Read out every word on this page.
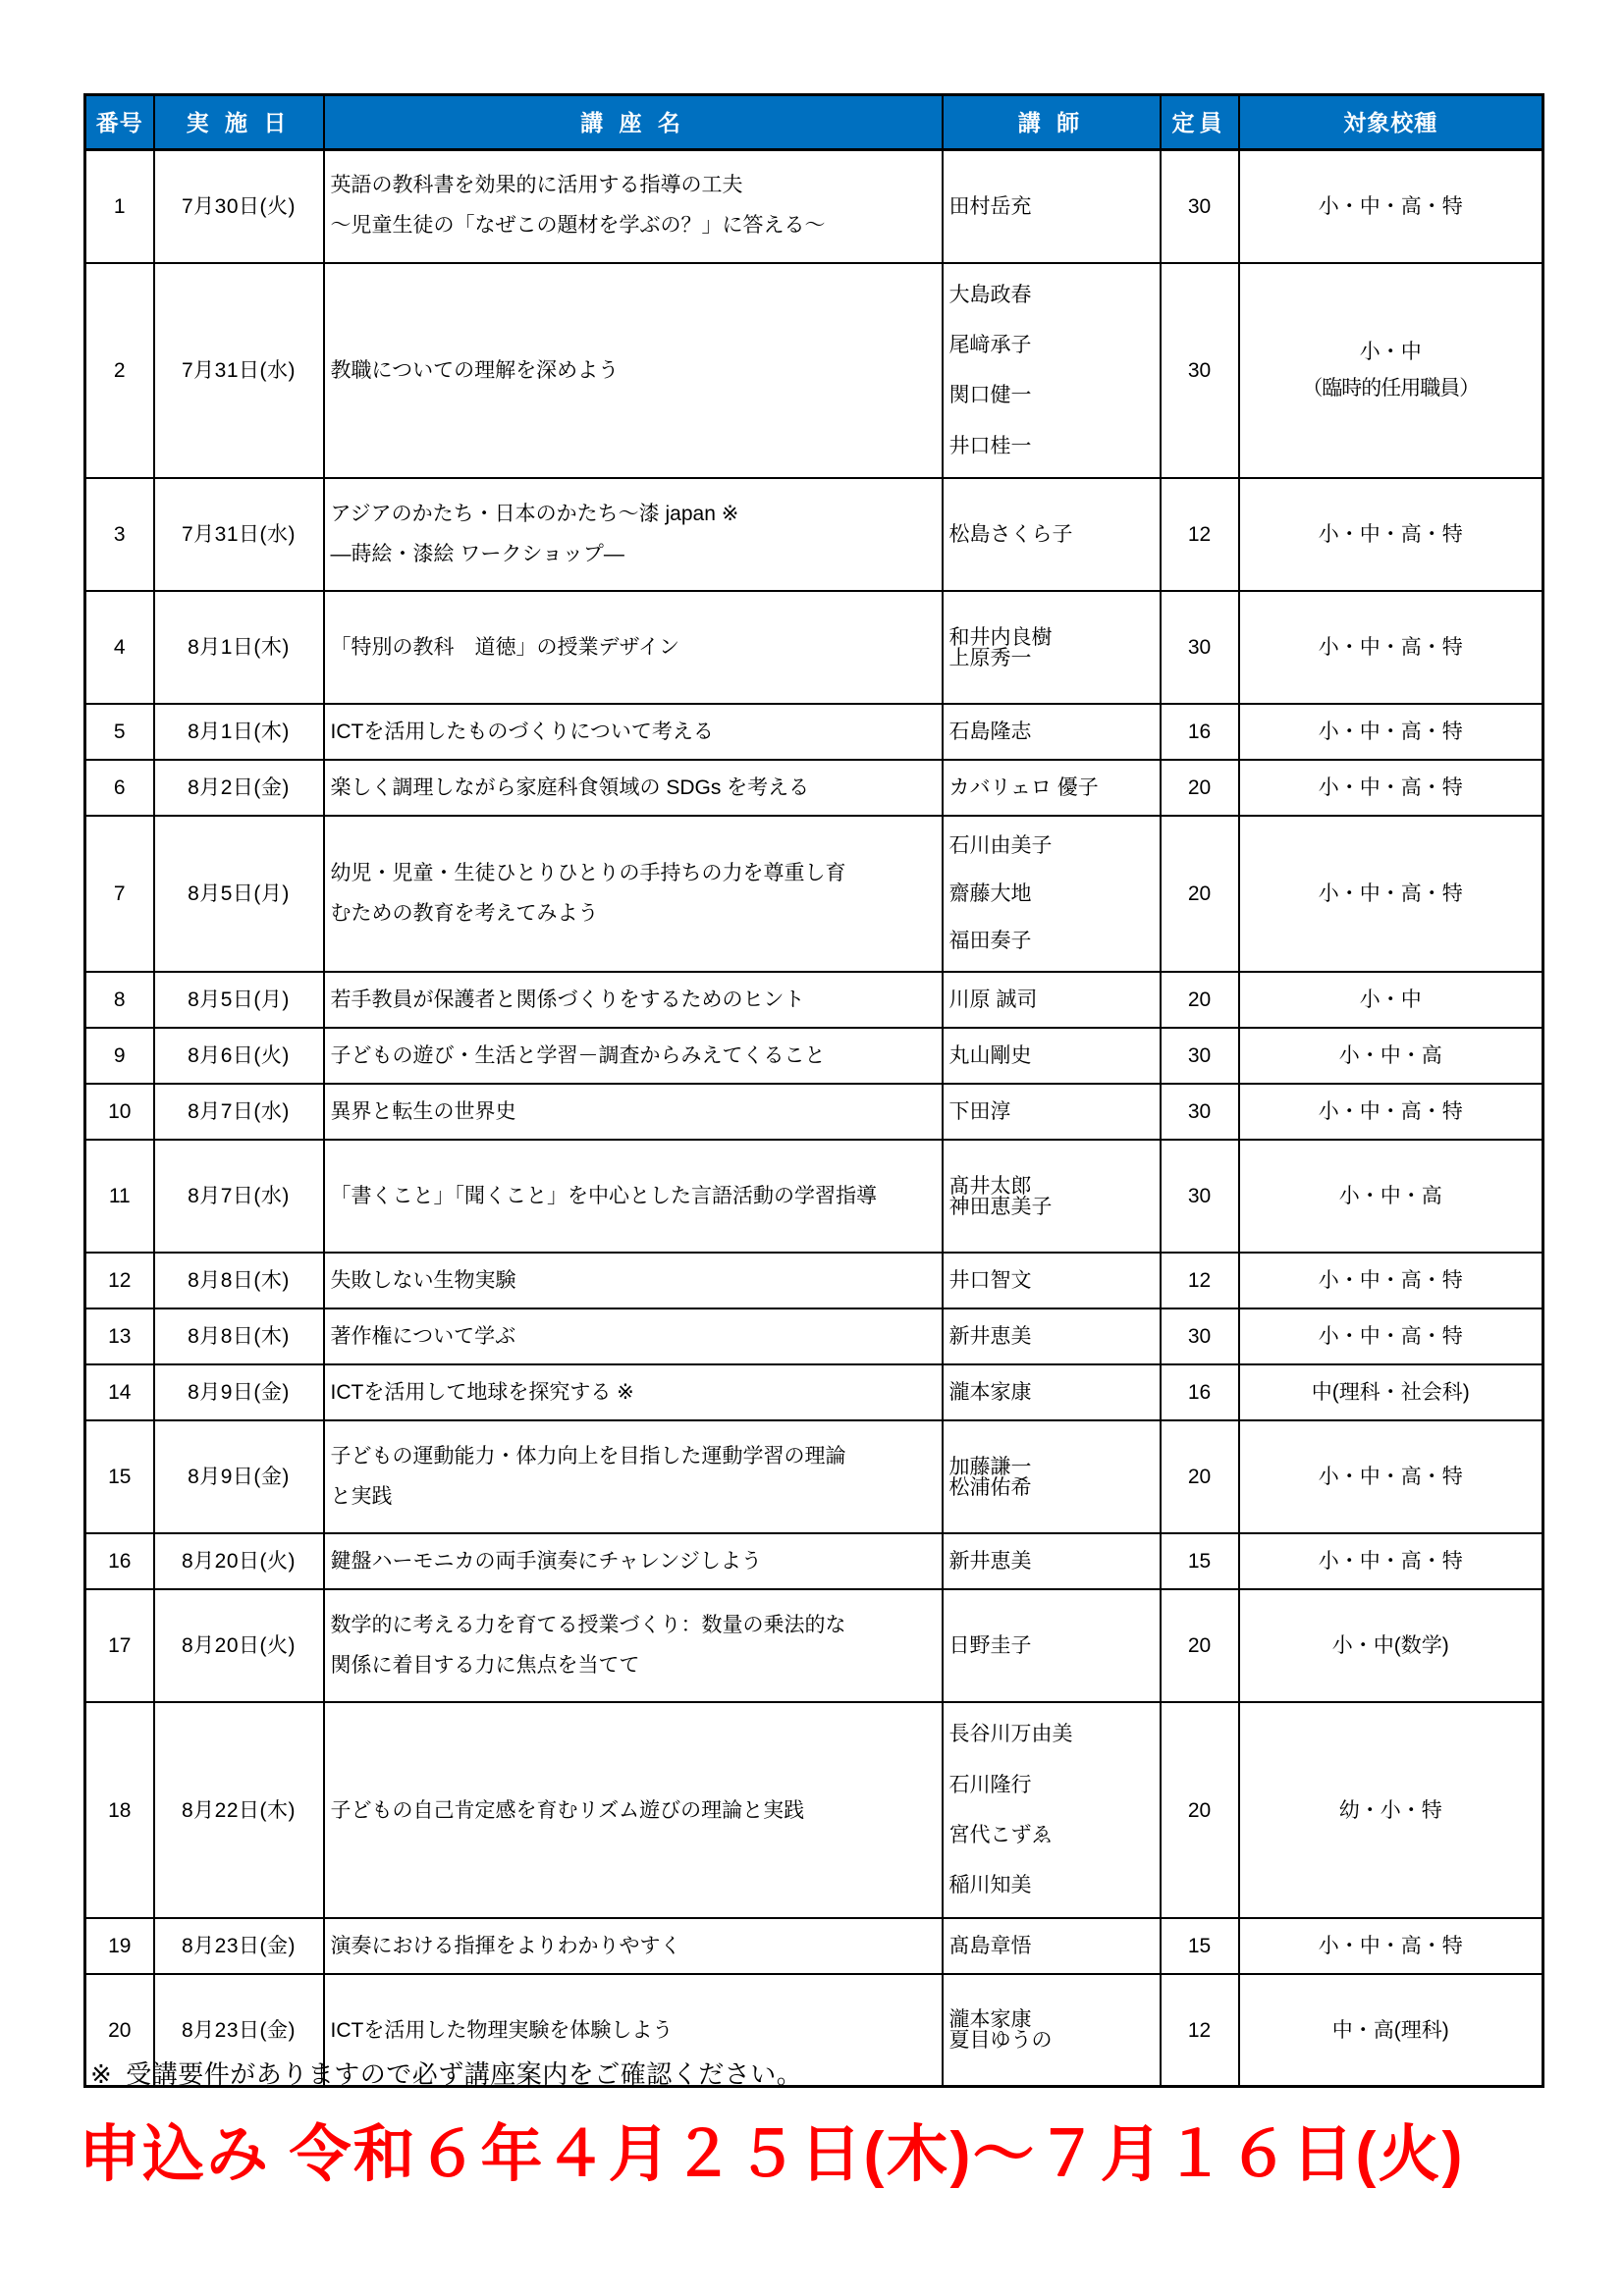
番号	実 施 日	講 座 名	講 師	定員	対象校種
1	7月30日(火)	英語の教科書を効果的に活用する指導の工夫
～児童生徒の「なぜこの題材を学ぶの？」に答える～	田村岳充	30	小・中・高・特
2	7月31日(水)	教職についての理解を深めよう	大島政春
尾﨑承子
関口健一
井口桂一	30	小・中
（臨時的任用職員）

3	7月31日(水)	アジアのかたち・日本のかたち～漆 japan ※
―蒔絵・漆絵 ワークショップ―	松島さくら子	12	小・中・高・特
4	8月1日(木)	「特別の教科　道徳」の授業デザイン	和井内良樹
上原秀一	30	小・中・高・特
5	8月1日(木)	ICTを活用したものづくりについて考える	石島隆志	16	小・中・高・特
6	8月2日(金)	楽しく調理しながら家庭科食領域の SDGs を考える	カバリェロ 優子	20	小・中・高・特
7	8月5日(月)	幼児・児童・生徒ひとりひとりの手持ちの力を尊重し育
むための教育を考えてみよう	石川由美子
齋藤大地
福田奏子	20	小・中・高・特
8	8月5日(月)	若手教員が保護者と関係づくりをするためのヒント	川原 誠司	20	小・中
9	8月6日(火)	子どもの遊び・生活と学習－調査からみえてくること	丸山剛史	30	小・中・高
10	8月7日(水)	異界と転生の世界史	下田淳	30	小・中・高・特
11	8月7日(水)	「書くこと」「聞くこと」を中心とした言語活動の学習指導	髙井太郎
神田恵美子	30	小・中・高
12	8月8日(木)	失敗しない生物実験	井口智文	12	小・中・高・特
13	8月8日(木)	著作権について学ぶ	新井恵美	30	小・中・高・特
14	8月9日(金)	ICTを活用して地球を探究する ※	瀧本家康	16	中(理科・社会科)
15	8月9日(金)	子どもの運動能力・体力向上を目指した運動学習の理論
と実践	加藤謙一
松浦佑希	20	小・中・高・特
16	8月20日(火)	鍵盤ハーモニカの両手演奏にチャレンジしよう	新井恵美	15	小・中・高・特
17	8月20日(火)	数学的に考える力を育てる授業づくり：数量の乗法的な
関係に着目する力に焦点を当てて	日野圭子	20	小・中(数学)
18	8月22日(木)	子どもの自己肯定感を育むリズム遊びの理論と実践	長谷川万由美
石川隆行
宮代こずゑ
稲川知美	20	幼・小・特
19	8月23日(金)	演奏における指揮をよりわかりやすく	髙島章悟	15	小・中・高・特
20	8月23日(金)	ICTを活用した物理実験を体験しよう	瀧本家康
夏目ゆうの	12	中・高(理科)
※ 受講要件がありますので必ず講座案内をご確認ください。
申込み 令和６年４月２５日(木)～７月１６日(火)
